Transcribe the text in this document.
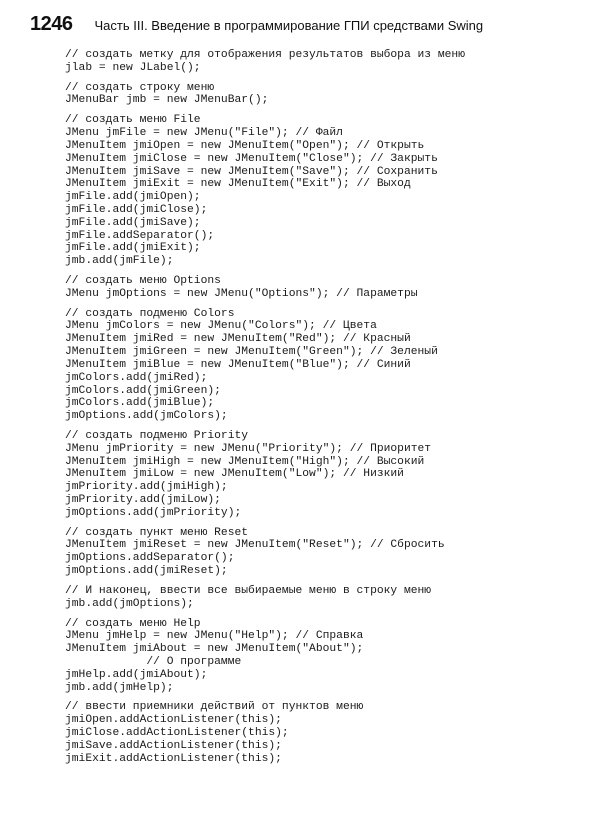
1246 Часть III. Введение в программирование ГПИ средствами Swing
// создать метку для отображения результатов выбора из меню
jlab = new JLabel();
// создать строку меню
JMenuBar jmb = new JMenuBar();
// создать меню File
JMenu jmFile = new JMenu("File"); // Файл
JMenuItem jmiOpen = new JMenuItem("Open"); // Открыть
JMenuItem jmiClose = new JMenuItem("Close"); // Закрыть
JMenuItem jmiSave = new JMenuItem("Save"); // Сохранить
JMenuItem jmiExit = new JMenuItem("Exit"); // Выход
jmFile.add(jmiOpen);
jmFile.add(jmiClose);
jmFile.add(jmiSave);
jmFile.addSeparator();
jmFile.add(jmiExit);
jmb.add(jmFile);
// создать меню Options
JMenu jmOptions = new JMenu("Options"); // Параметры
// создать подменю Colors
JMenu jmColors = new JMenu("Colors"); // Цвета
JMenuItem jmiRed = new JMenuItem("Red"); // Красный
JMenuItem jmiGreen = new JMenuItem("Green"); // Зеленый
JMenuItem jmiBlue = new JMenuItem("Blue"); // Синий
jmColors.add(jmiRed);
jmColors.add(jmiGreen);
jmColors.add(jmiBlue);
jmOptions.add(jmColors);
// создать подменю Priority
JMenu jmPriority = new JMenu("Priority"); // Приоритет
JMenuItem jmiHigh = new JMenuItem("High"); // Высокий
JMenuItem jmiLow = new JMenuItem("Low"); // Низкий
jmPriority.add(jmiHigh);
jmPriority.add(jmiLow);
jmOptions.add(jmPriority);
// создать пункт меню Reset
JMenuItem jmiReset = new JMenuItem("Reset"); // Сбросить
jmOptions.addSeparator();
jmOptions.add(jmiReset);
// И наконец, ввести все выбираемые меню в строку меню
jmb.add(jmOptions);
// создать меню Help
JMenu jmHelp = new JMenu("Help"); // Справка
JMenuItem jmiAbout = new JMenuItem("About");
// О программе
jmHelp.add(jmiAbout);
jmb.add(jmHelp);
// ввести приемники действий от пунктов меню
jmiOpen.addActionListener(this);
jmiClose.addActionListener(this);
jmiSave.addActionListener(this);
jmiExit.addActionListener(this);
